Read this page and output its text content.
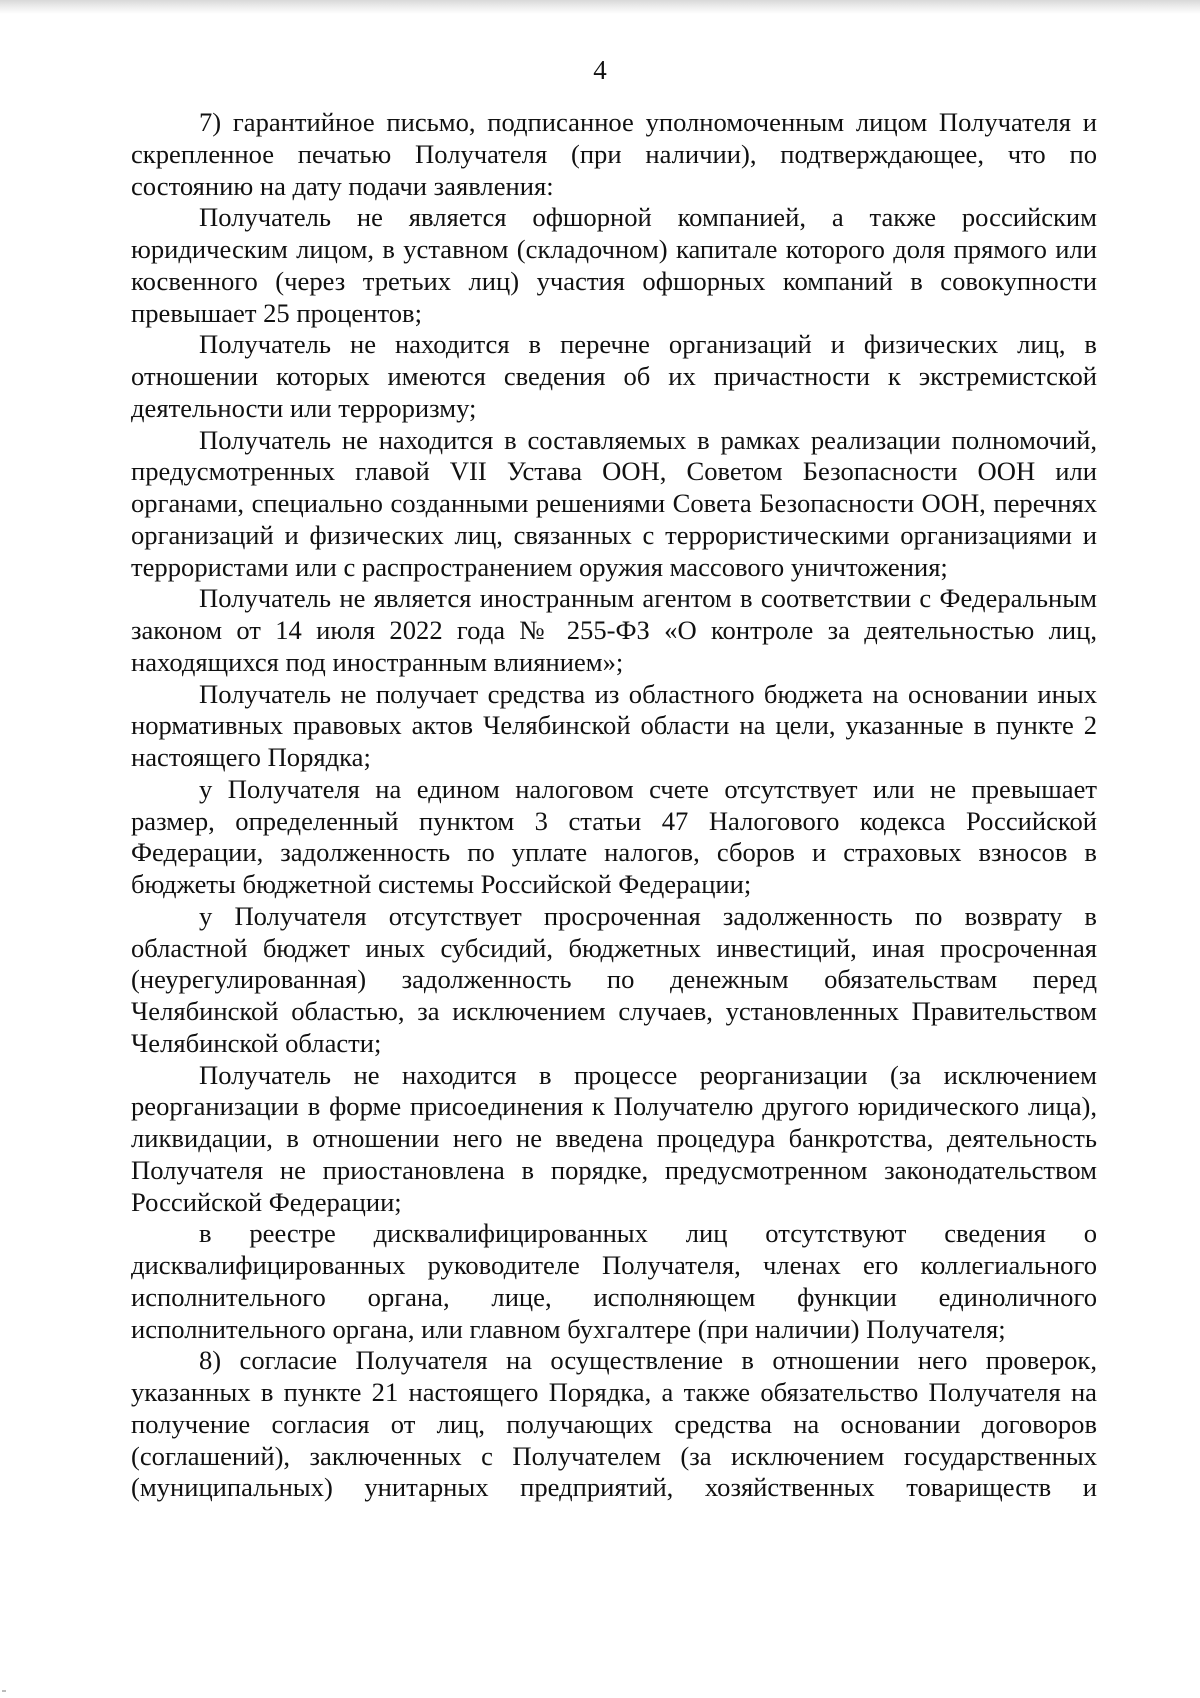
4

7) гарантийное письмо, подписанное уполномоченным лицом Получателя и скрепленное печатью Получателя (при наличии), подтверждающее, что по состоянию на дату подачи заявления:

Получатель не является офшорной компанией, а также российским юридическим лицом, в уставном (складочном) капитале которого доля прямого или косвенного (через третьих лиц) участия офшорных компаний в совокупности превышает 25 процентов;

Получатель не находится в перечне организаций и физических лиц, в отношении которых имеются сведения об их причастности к экстремистской деятельности или терроризму;

Получатель не находится в составляемых в рамках реализации полномочий, предусмотренных главой VII Устава ООН, Советом Безопасности ООН или органами, специально созданными решениями Совета Безопасности ООН, перечнях организаций и физических лиц, связанных с террористическими организациями и террористами или с распространением оружия массового уничтожения;

Получатель не является иностранным агентом в соответствии с Федеральным законом от 14 июля 2022 года № 255-ФЗ «О контроле за деятельностью лиц, находящихся под иностранным влиянием»;

Получатель не получает средства из областного бюджета на основании иных нормативных правовых актов Челябинской области на цели, указанные в пункте 2 настоящего Порядка;

у Получателя на едином налоговом счете отсутствует или не превышает размер, определенный пунктом 3 статьи 47 Налогового кодекса Российской Федерации, задолженность по уплате налогов, сборов и страховых взносов в бюджеты бюджетной системы Российской Федерации;

у Получателя отсутствует просроченная задолженность по возврату в областной бюджет иных субсидий, бюджетных инвестиций, иная просроченная (неурегулированная) задолженность по денежным обязательствам перед Челябинской областью, за исключением случаев, установленных Правительством Челябинской области;

Получатель не находится в процессе реорганизации (за исключением реорганизации в форме присоединения к Получателю другого юридического лица), ликвидации, в отношении него не введена процедура банкротства, деятельность Получателя не приостановлена в порядке, предусмотренном законодательством Российской Федерации;

в реестре дисквалифицированных лиц отсутствуют сведения о дисквалифицированных руководителе Получателя, членах его коллегиального исполнительного органа, лице, исполняющем функции единоличного исполнительного органа, или главном бухгалтере (при наличии) Получателя;

8) согласие Получателя на осуществление в отношении него проверок, указанных в пункте 21 настоящего Порядка, а также обязательство Получателя на получение согласия от лиц, получающих средства на основании договоров (соглашений), заключенных с Получателем (за исключением государственных (муниципальных) унитарных предприятий, хозяйственных товариществ и
